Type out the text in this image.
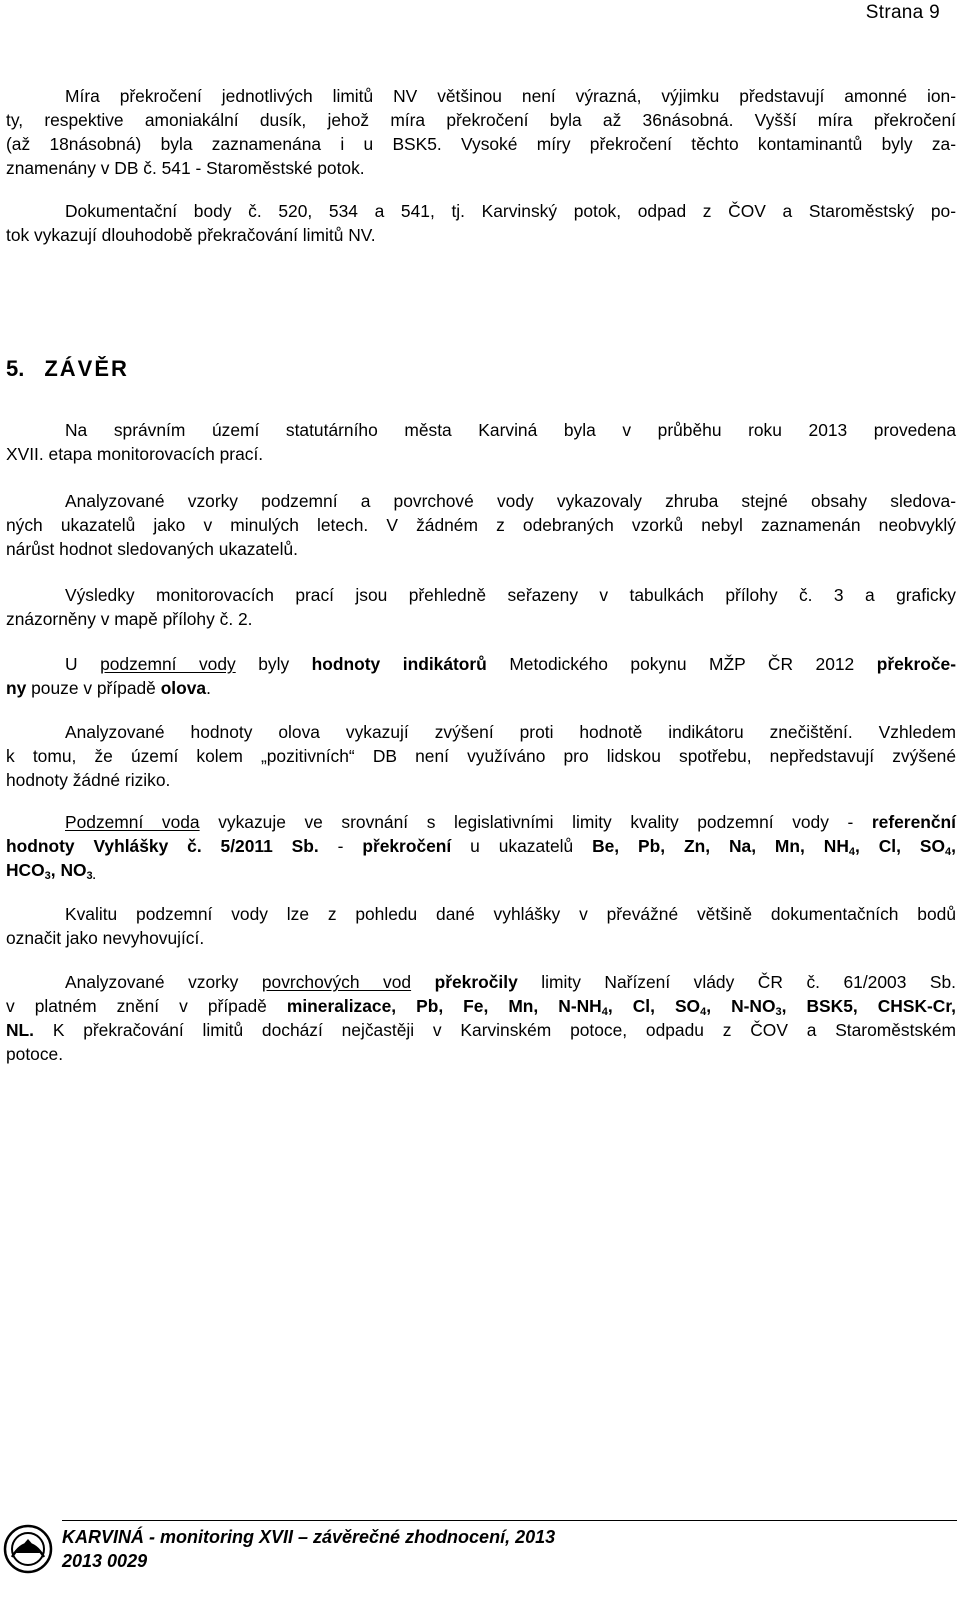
Strana 9
Míra překročení jednotlivých limitů NV většinou není výrazná, výjimku představují amonné ion-
ty, respektive amoniakální dusík, jehož míra překročení byla až 36násobná. Vyšší míra překročení
(až 18násobná) byla zaznamenána i u BSK5. Vysoké míry překročení těchto kontaminantů byly za-
znamenány v DB č. 541 - Staroměstské potok.
Dokumentační body č. 520, 534 a 541, tj. Karvinský potok, odpad z ČOV a Staroměstský po-
tok vykazují dlouhodobě překračování limitů NV.
5. ZÁVĚR
Na správním území statutárního města Karviná byla v průběhu roku 2013 provedena
XVII. etapa monitorovacích prací.
Analyzované vzorky podzemní a povrchové vody vykazovaly zhruba stejné obsahy sledova-
ných ukazatelů jako v minulých letech. V žádném z odebraných vzorků nebyl zaznamenán neobvyklý
nárůst hodnot sledovaných ukazatelů.
Výsledky monitorovacích prací jsou přehledně seřazeny v tabulkách přílohy č. 3 a graficky
znázorněny v mapě přílohy č. 2.
U podzemní vody byly hodnoty indikátorů Metodického pokynu MŽP ČR 2012 překroče-
ny pouze v případě olova.
Analyzované hodnoty olova vykazují zvýšení proti hodnotě indikátoru znečištění. Vzhledem
k tomu, že území kolem „pozitivních“ DB není využíváno pro lidskou spotřebu, nepředstavují zvýšené
hodnoty žádné riziko.
Podzemní voda vykazuje ve srovnání s legislativními limity kvality podzemní vody - referenční
hodnoty Vyhlášky č. 5/2011 Sb. - překročení u ukazatelů Be, Pb, Zn, Na, Mn, $NH_4$, Cl, $SO_4$,
$HCO_3$, $NO_{3.}$
Kvalitu podzemní vody lze z pohledu dané vyhlášky v převážné většině dokumentačních bodů
označit jako nevyhovující.
Analyzované vzorky povrchových vod překročily limity Nařízení vlády ČR č. 61/2003 Sb.
v platném znění v případě mineralizace, Pb, Fe, Mn, $N-NH_4$, Cl, $SO_4$, $N-NO_3$, BSK5, CHSK-Cr,
NL. K překračování limitů dochází nejčastěji v Karvinském potoce, odpadu z ČOV a Staroměstském
potoce.

KARVINÁ - monitoring XVII – závěrečné zhodnocení, 2013

2013 0029
